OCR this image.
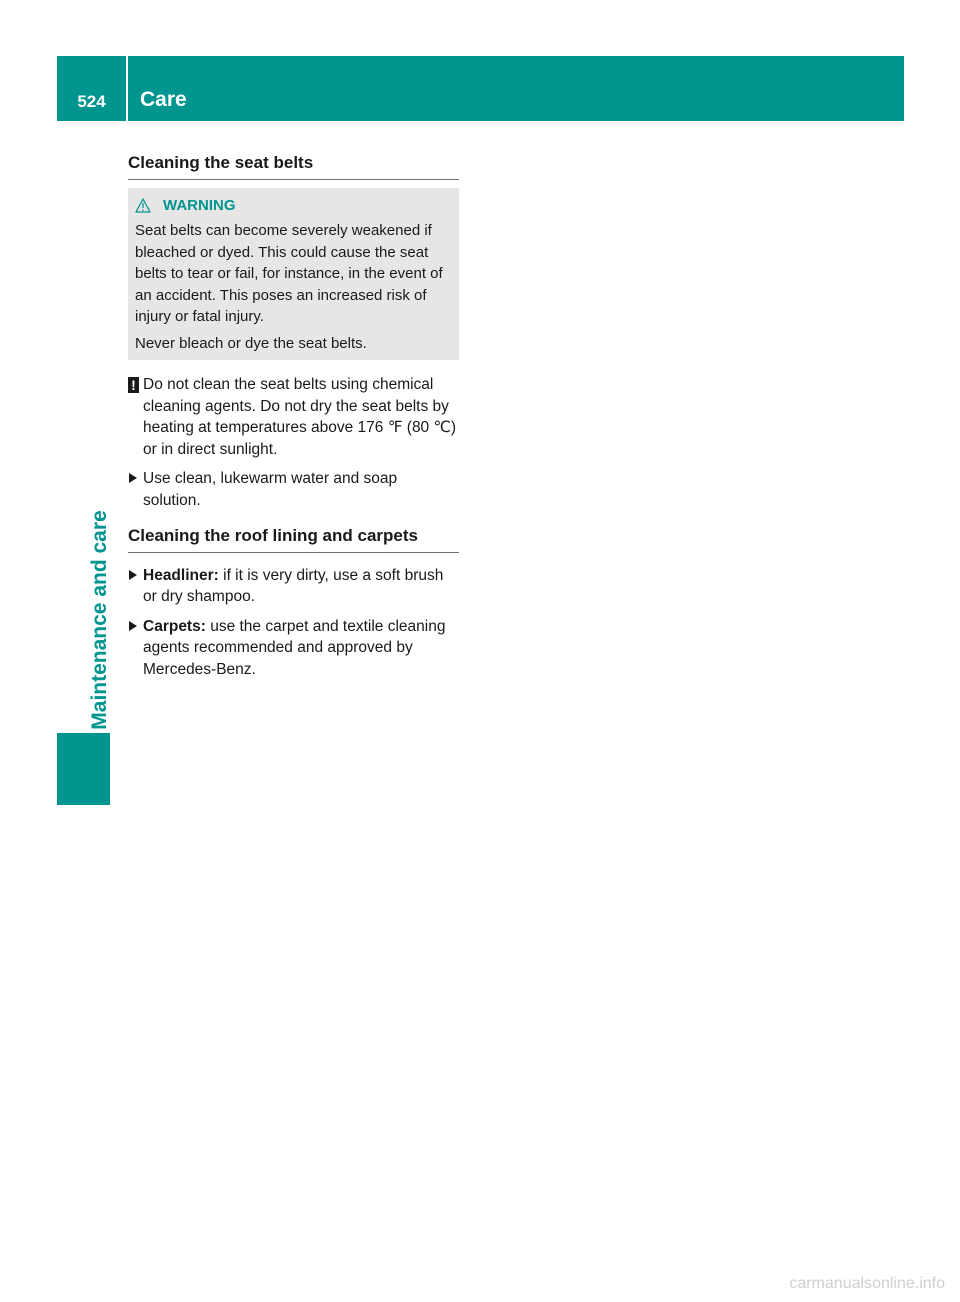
524	Care
Maintenance and care
Cleaning the seat belts
WARNING

Seat belts can become severely weakened if bleached or dyed. This could cause the seat belts to tear or fail, for instance, in the event of an accident. This poses an increased risk of injury or fatal injury.

Never bleach or dye the seat belts.

! Do not clean the seat belts using chemical cleaning agents. Do not dry the seat belts by heating at temperatures above 176 ℉ (80 ℃) or in direct sunlight.
Use clean, lukewarm water and soap solution.
Cleaning the roof lining and carpets
Headliner: if it is very dirty, use a soft brush or dry shampoo.
Carpets: use the carpet and textile cleaning agents recommended and approved by Mercedes-Benz.
carmanualsonline.info
